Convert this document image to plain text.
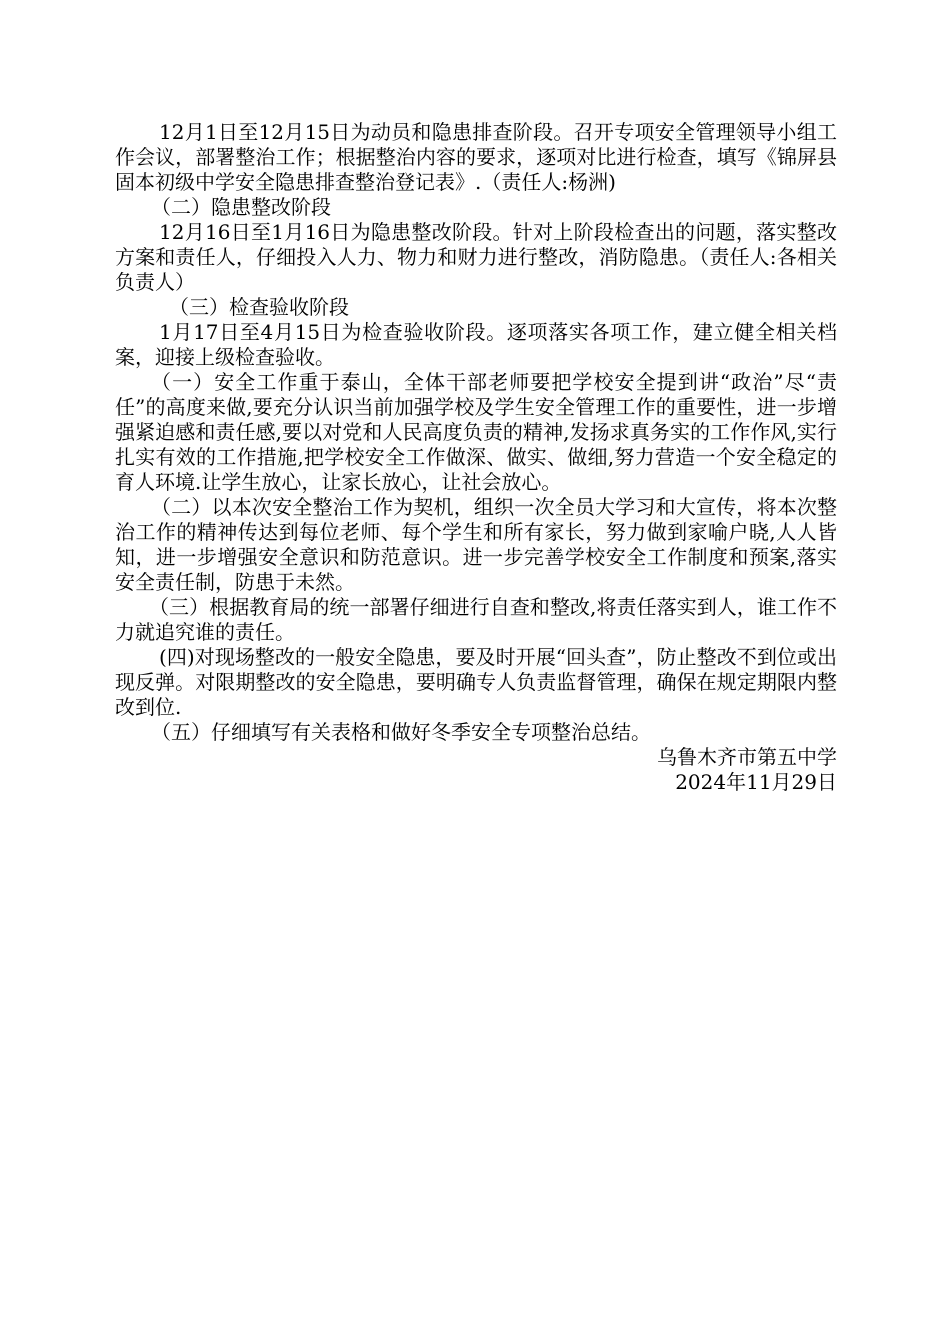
12月1日至12月15日为动员和隐患排查阶段。召开专项安全管理领导小组工作会议，部署整治工作；根据整治内容的要求，逐项对比进行检查，填写《锦屏县固本初级中学安全隐患排查整治登记表》.（责任人:杨洲)

（二）隐患整改阶段

12月16日至1月16日为隐患整改阶段。针对上阶段检查出的问题，落实整改方案和责任人，仔细投入人力、物力和财力进行整改，消防隐患。（责任人:各相关负责人）

（三）检查验收阶段

1月17日至4月15日为检查验收阶段。逐项落实各项工作，建立健全相关档案，迎接上级检查验收。

（一）安全工作重于泰山，全体干部老师要把学校安全提到讲“政治”尽“责任”的高度来做,要充分认识当前加强学校及学生安全管理工作的重要性，进一步增强紧迫感和责任感,要以对党和人民高度负责的精神,发扬求真务实的工作作风,实行扎实有效的工作措施,把学校安全工作做深、做实、做细,努力营造一个安全稳定的育人环境.让学生放心，让家长放心，让社会放心。

（二）以本次安全整治工作为契机，组织一次全员大学习和大宣传，将本次整治工作的精神传达到每位老师、每个学生和所有家长，努力做到家喻户晓,人人皆知，进一步增强安全意识和防范意识。进一步完善学校安全工作制度和预案,落实安全责任制，防患于未然。

（三）根据教育局的统一部署仔细进行自查和整改,将责任落实到人，谁工作不力就追究谁的责任。

(四)对现场整改的一般安全隐患，要及时开展“回头查”，防止整改不到位或出现反弹。对限期整改的安全隐患，要明确专人负责监督管理，确保在规定期限内整改到位.

（五）仔细填写有关表格和做好冬季安全专项整治总结。

乌鲁木齐市第五中学

2024年11月29日
